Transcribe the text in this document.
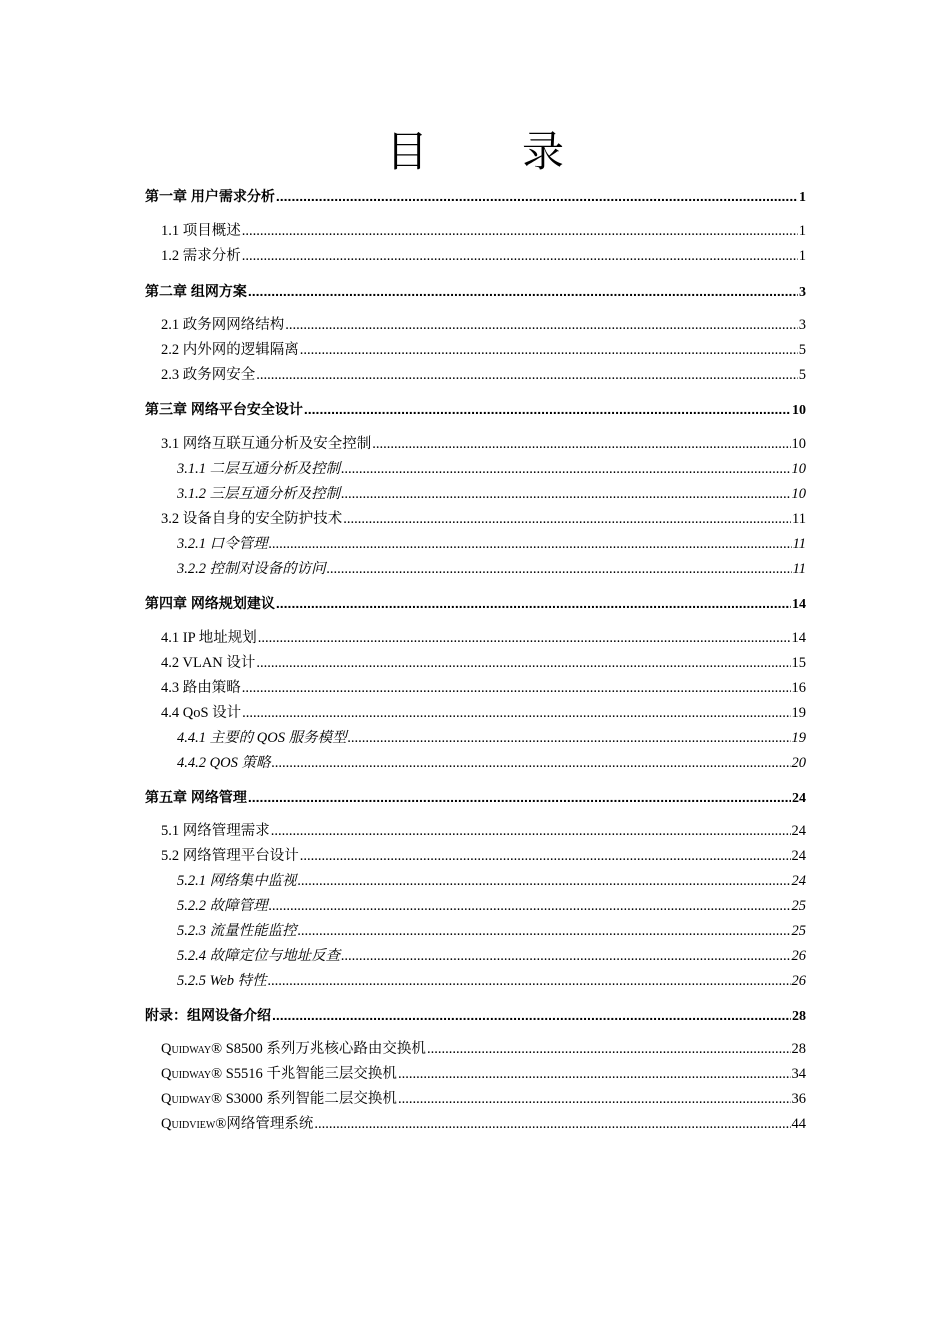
目　录
第一章 用户需求分析 .....	1
1.1 项目概述 .....	1
1.2 需求分析 .....	1
第二章 组网方案 .....	3
2.1 政务网网络结构 .....	3
2.2 内外网的逻辑隔离 .....	5
2.3 政务网安全 .....	5
第三章 网络平台安全设计 .....	10
3.1 网络互联互通分析及安全控制 .....	10
3.1.1 二层互通分析及控制 .....	10
3.1.2 三层互通分析及控制 .....	10
3.2 设备自身的安全防护技术 .....	11
3.2.1 口令管理 .....	11
3.2.2 控制对设备的访问 .....	11
第四章 网络规划建议 .....	14
4.1 IP 地址规划 .....	14
4.2 VLAN 设计 .....	15
4.3 路由策略 .....	16
4.4 QoS 设计 .....	19
4.4.1 主要的 QOS 服务模型 .....	19
4.4.2 QOS 策略 .....	20
第五章 网络管理 .....	24
5.1 网络管理需求 .....	24
5.2 网络管理平台设计 .....	24
5.2.1 网络集中监视 .....	24
5.2.2 故障管理 .....	25
5.2.3 流量性能监控 .....	25
5.2.4 故障定位与地址反查 .....	26
5.2.5 Web 特性 .....	26
附录：组网设备介绍 .....	28
Quidway® S8500 系列万兆核心路由交换机 .....	28
Quidway® S5516 千兆智能三层交换机 .....	34
Quidway® S3000 系列智能二层交换机 .....	36
Quidview®网络管理系统 .....	44
